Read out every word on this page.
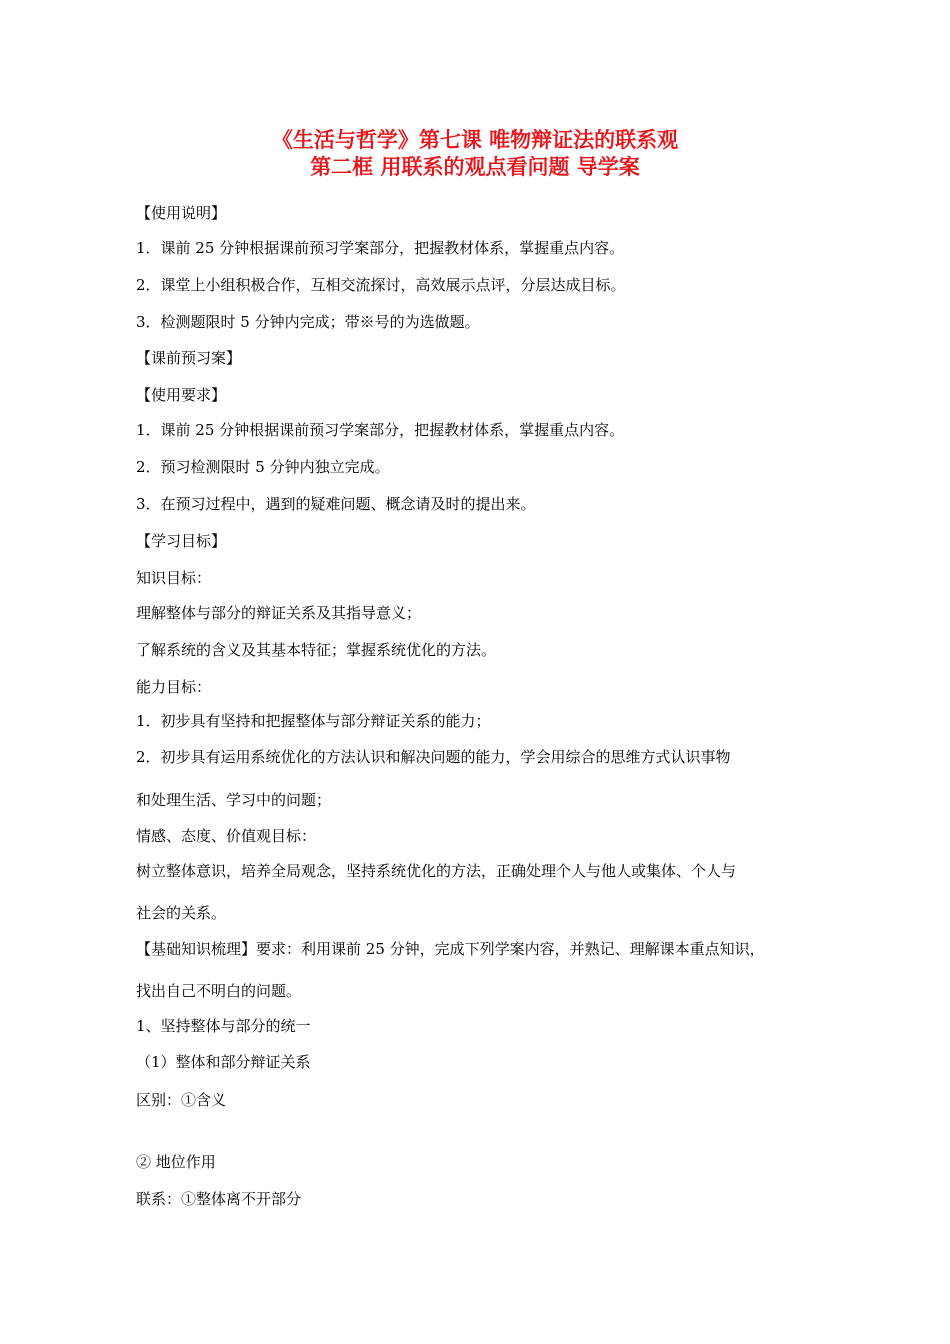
《生活与哲学》第七课 唯物辩证法的联系观
第二框 用联系的观点看问题 导学案
【使用说明】
1．课前 25 分钟根据课前预习学案部分，把握教材体系，掌握重点内容。
2．课堂上小组积极合作，互相交流探讨，高效展示点评，分层达成目标。
3．检测题限时 5 分钟内完成；带※号的为选做题。
【课前预习案】
【使用要求】
1．课前 25 分钟根据课前预习学案部分，把握教材体系，掌握重点内容。
2．预习检测限时 5 分钟内独立完成。
3．在预习过程中，遇到的疑难问题、概念请及时的提出来。
【学习目标】
知识目标：
理解整体与部分的辩证关系及其指导意义；
了解系统的含义及其基本特征；掌握系统优化的方法。
能力目标：
1．初步具有坚持和把握整体与部分辩证关系的能力；
2．初步具有运用系统优化的方法认识和解决问题的能力，学会用综合的思维方式认识事物
和处理生活、学习中的问题；
情感、态度、价值观目标：
树立整体意识，培养全局观念，坚持系统优化的方法，正确处理个人与他人或集体、个人与
社会的关系。
【基础知识梳理】要求：利用课前 25 分钟，完成下列学案内容，并熟记、理解课本重点知识，
找出自己不明白的问题。
1、坚持整体与部分的统一
（1）整体和部分辩证关系
区别：①含义
② 地位作用
联系：①整体离不开部分
